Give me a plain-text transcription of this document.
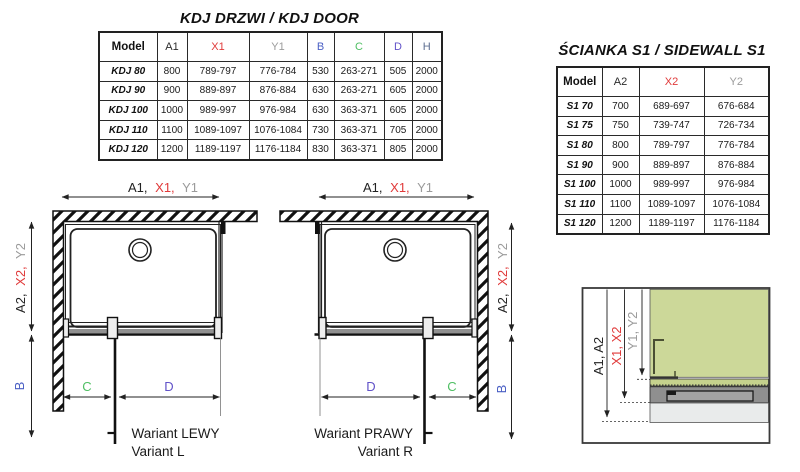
KDJ DRZWI / KDJ DOOR
ŚCIANKA S1 / SIDEWALL S1
Model	A1	X1	Y1	B	C	D	H
KDJ 80	800	789-797	776-784	530	263-271	505	2000
KDJ 90	900	889-897	876-884	630	263-271	605	2000
KDJ 100	1000	989-997	976-984	630	363-371	605	2000
KDJ 110	1100	1089-1097	1076-1084	730	363-371	705	2000
KDJ 120	1200	1189-1197	1176-1184	830	363-371	805	2000
Model	A2	X2	Y2
S1 70	700	689-697	676-684
S1 75	750	739-747	726-734
S1 80	800	789-797	776-784
S1 90	900	889-897	876-884
S1 100	1000	989-997	976-984
S1 110	1100	1089-1097	1076-1084
S1 120	1200	1189-1197	1176-1184
A1, X1, Y1
A2, X2, Y2
B	C	D
Wariant LEWY
Variant L
A1, X1, Y1
A2, X2, Y2
B
D	C
Wariant PRAWY
Variant R
Y1, Y2
X1, X2
A1, A2
